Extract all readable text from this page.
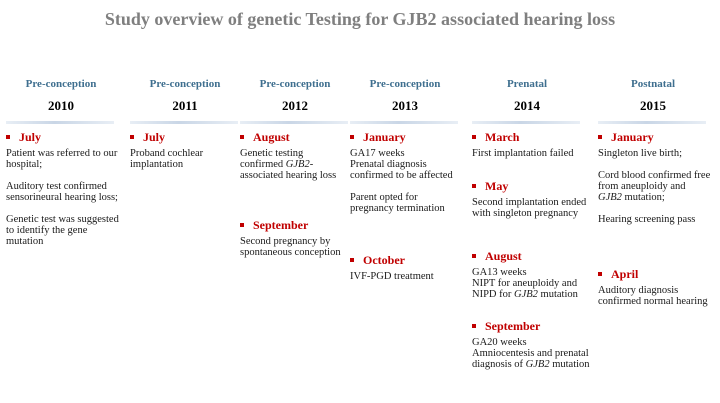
Study overview of genetic Testing for GJB2 associated hearing loss
Pre-conception
2010
July

Patient was referred to our hospital;

Auditory test confirmed sensorineural hearing loss;

Genetic test was suggested to identify the gene mutation

Pre-conception
2011
July

Proband cochlear implantation

Pre-conception
2012
August

Genetic testing confirmed GJB2-associated hearing loss

September

Second pregnancy by spontaneous conception

Pre-conception
2013
January

GA17 weeks
Prenatal diagnosis confirmed to be affected

Parent opted for pregnancy termination

October

IVF-PGD treatment

Prenatal
2014
March

First implantation failed

May

Second implantation ended with singleton pregnancy

August

GA13 weeks
NIPT for aneuploidy and NIPD for GJB2 mutation

September

GA20 weeks
Amniocentesis and prenatal diagnosis of GJB2 mutation

Postnatal
2015
January

Singleton live birth;

Cord blood confirmed free from aneuploidy and GJB2 mutation;

Hearing screening pass

April

Auditory diagnosis confirmed normal hearing
